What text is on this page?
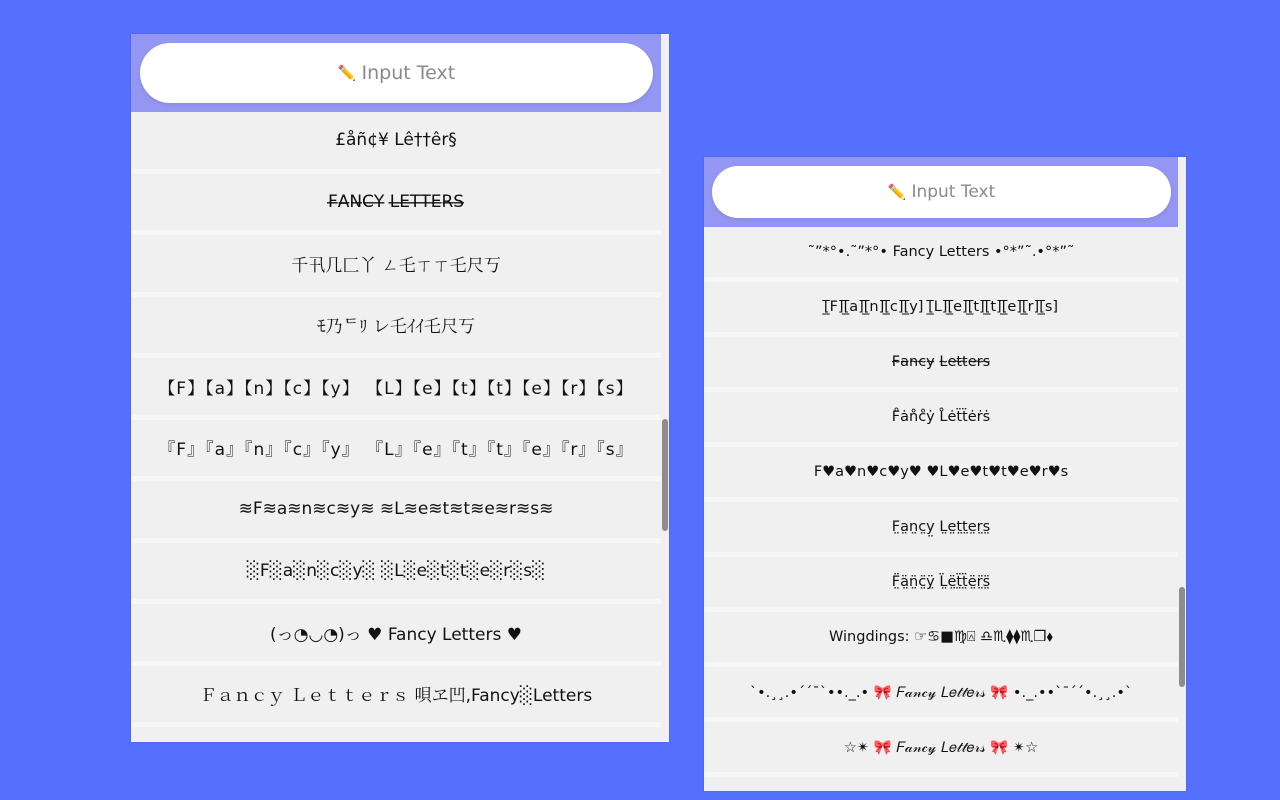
✏️ Input Text
£åñ¢¥ Lê††êr§
F̶A̶N̶C̶Y̶ L̶E̶T̶T̶E̶R̶S̶
千卂几匚丫 ㄥ乇ㄒㄒ乇尺丂
ﾓ乃ᄃﾘ レ乇ｲｲ乇尺丂
【F】【a】【n】【c】【y】 【L】【e】【t】【t】【e】【r】【s】
『F』『a』『n』『c』『y』 『L』『e』『t』『t』『e』『r』『s』
≋F≋a≋n≋c≋y≋ ≋L≋e≋t≋t≋e≋r≋s≋
░F░a░n░c░y░ ░L░e░t░t░e░r░s░
(っ◔◡◔)っ ♥ Fancy Letters ♥
Ｆａｎｃｙ Ｌｅｔｔｅｒｓ 唄ヱ凹,Fancy░Letters
✏️ Input Text
˜”*°•.˜”*°• Fancy Letters •°*”˜.•°*”˜
[̲̅F][̲̅a][̲̅n][̲̅c][̲̅y] [̲̅L][̲̅e][̲̅t][̲̅t][̲̅e][̲̅r][̲̅s]
F̴a̴n̴c̴y̴ L̴e̴t̴t̴e̴r̴s̴
F̊ȧn̊c̊ẏ L̊ėẗẗėṙṡ
F♥a♥n♥c♥y♥ ♥L♥e♥t♥t♥e♥r♥s
F̤a̤n̤c̤y̤ L̤e̤t̤t̤e̤r̤s̤
F̤̈ä̤n̤̈c̤̈ÿ̤ L̤̈ë̤ẗ̤ẗ̤ë̤r̤̈s̤̈
Wingdings: ☞♋■♍⍓ ♎♏⧫⧫♏❒⬧
`•.¸¸.•´´¯`••._.• 🎀 𝐹𝒶𝓃𝒸𝓎 𝐿𝑒𝓉𝓉𝑒𝓇𝓈 🎀 •._.••`¯´´•.¸¸.•`
☆✴ 🎀 𝐹𝒶𝓃𝒸𝓎 𝐿𝑒𝓉𝓉𝑒𝓇𝓈 🎀 ✴☆
